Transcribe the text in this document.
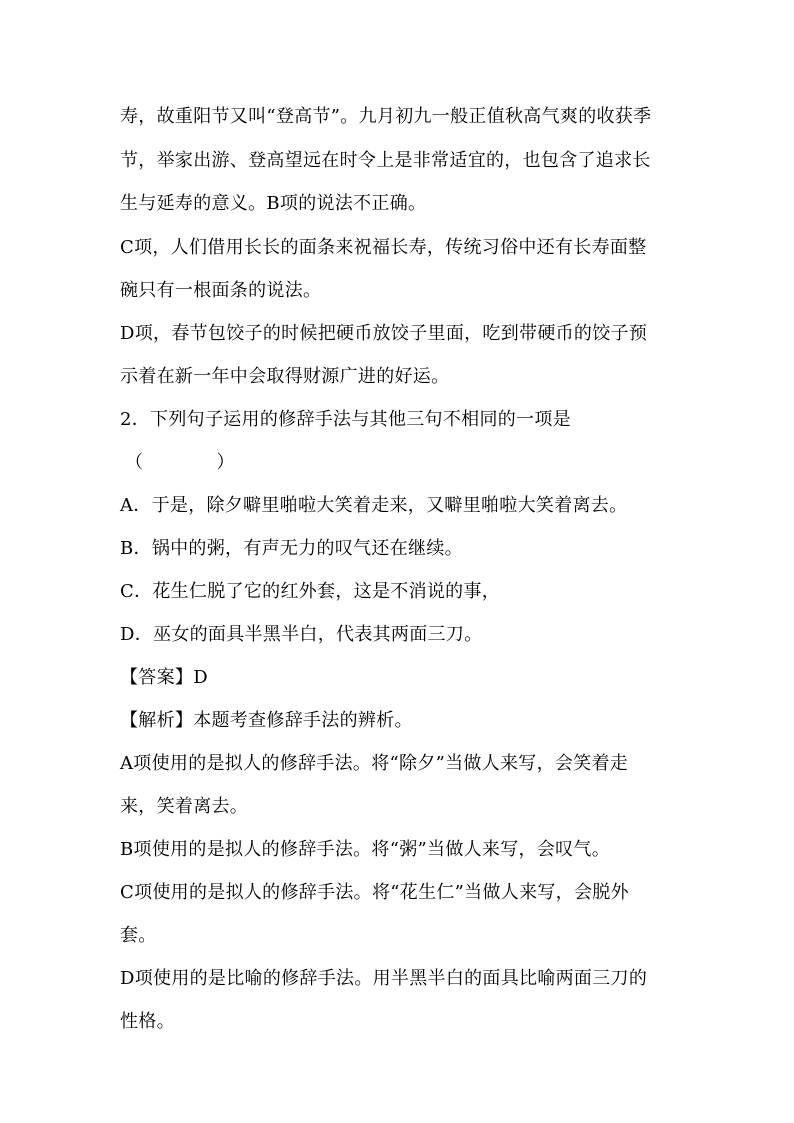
寿，故重阳节又叫“登高节”。九月初九一般正值秋高气爽的收获季
节，举家出游、登高望远在时令上是非常适宜的，也包含了追求长
生与延寿的意义。B项的说法不正确。
C项，人们借用长长的面条来祝福长寿，传统习俗中还有长寿面整
碗只有一根面条的说法。
D项，春节包饺子的时候把硬币放饺子里面，吃到带硬币的饺子预
示着在新一年中会取得财源广进的好运。
2．下列句子运用的修辞手法与其他三句不相同的一项是
（　　　　）
A．于是，除夕噼里啪啦大笑着走来，又噼里啪啦大笑着离去。
B．锅中的粥，有声无力的叹气还在继续。
C．花生仁脱了它的红外套，这是不消说的事，
D．巫女的面具半黑半白，代表其两面三刀。
【答案】D
【解析】本题考查修辞手法的辨析。
A项使用的是拟人的修辞手法。将“除夕”当做人来写，会笑着走
来，笑着离去。
B项使用的是拟人的修辞手法。将“粥”当做人来写，会叹气。
C项使用的是拟人的修辞手法。将“花生仁”当做人来写，会脱外
套。
D项使用的是比喻的修辞手法。用半黑半白的面具比喻两面三刀的
性格。
